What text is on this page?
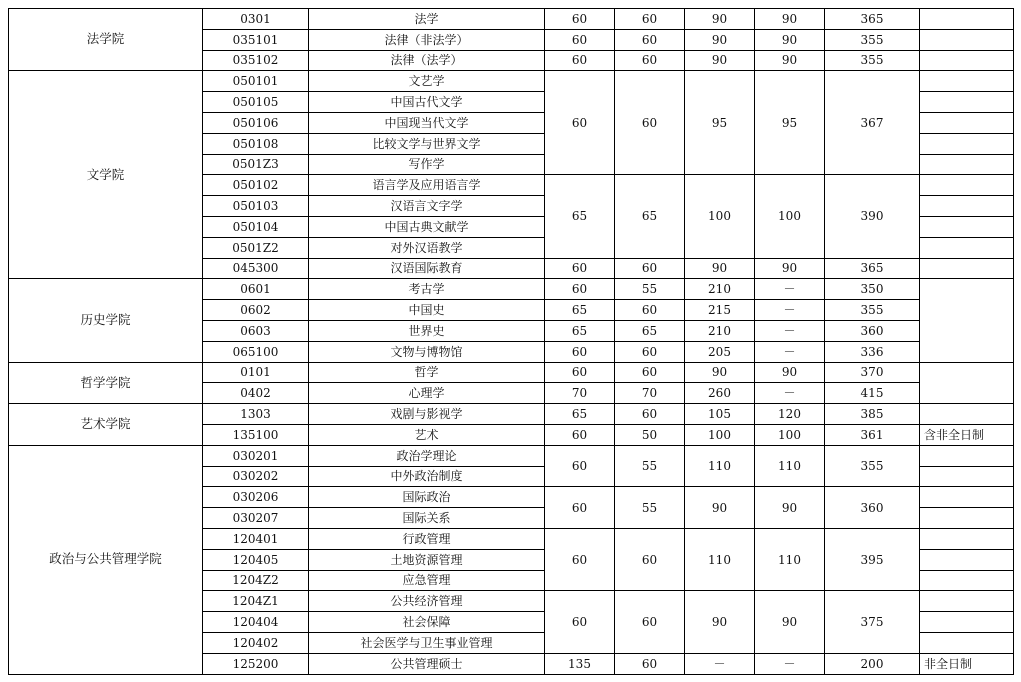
法学院	0301	法学	60	60	90	90	365	
	035101	法律（非法学）	60	60	90	90	355	
	035102	法律（法学）	60	60	90	90	355	
文学院	050101	文艺学	60	60	95	95	367	
	050105	中国古代文学						
	050106	中国现当代文学						
	050108	比较文学与世界文学						
	0501Z3	写作学						
	050102	语言学及应用语言学	65	65	100	100	390	
	050103	汉语言文字学						
	050104	中国古典文献学						
	0501Z2	对外汉语教学						
	045300	汉语国际教育	60	60	90	90	365	
历史学院	0601	考古学	60	55	210	－	350	
	0602	中国史	65	60	215	－	355	
	0603	世界史	65	65	210	－	360	
	065100	文物与博物馆	60	60	205	－	336	
哲学学院	0101	哲学	60	60	90	90	370	
	0402	心理学	70	70	260	－	415	
艺术学院	1303	戏剧与影视学	65	60	105	120	385	
	135100	艺术	60	50	100	100	361	含非全日制
政治与公共管理学院	030201	政治学理论	60	55	110	110	355	
	030202	中外政治制度						
	030206	国际政治	60	55	90	90	360	
	030207	国际关系						
	120401	行政管理	60	60	110	110	395	
	120405	土地资源管理						
	1204Z2	应急管理						
	1204Z1	公共经济管理	60	60	90	90	375	
	120404	社会保障						
	120402	社会医学与卫生事业管理						
	125200	公共管理硕士	135	60	－	－	200	非全日制
